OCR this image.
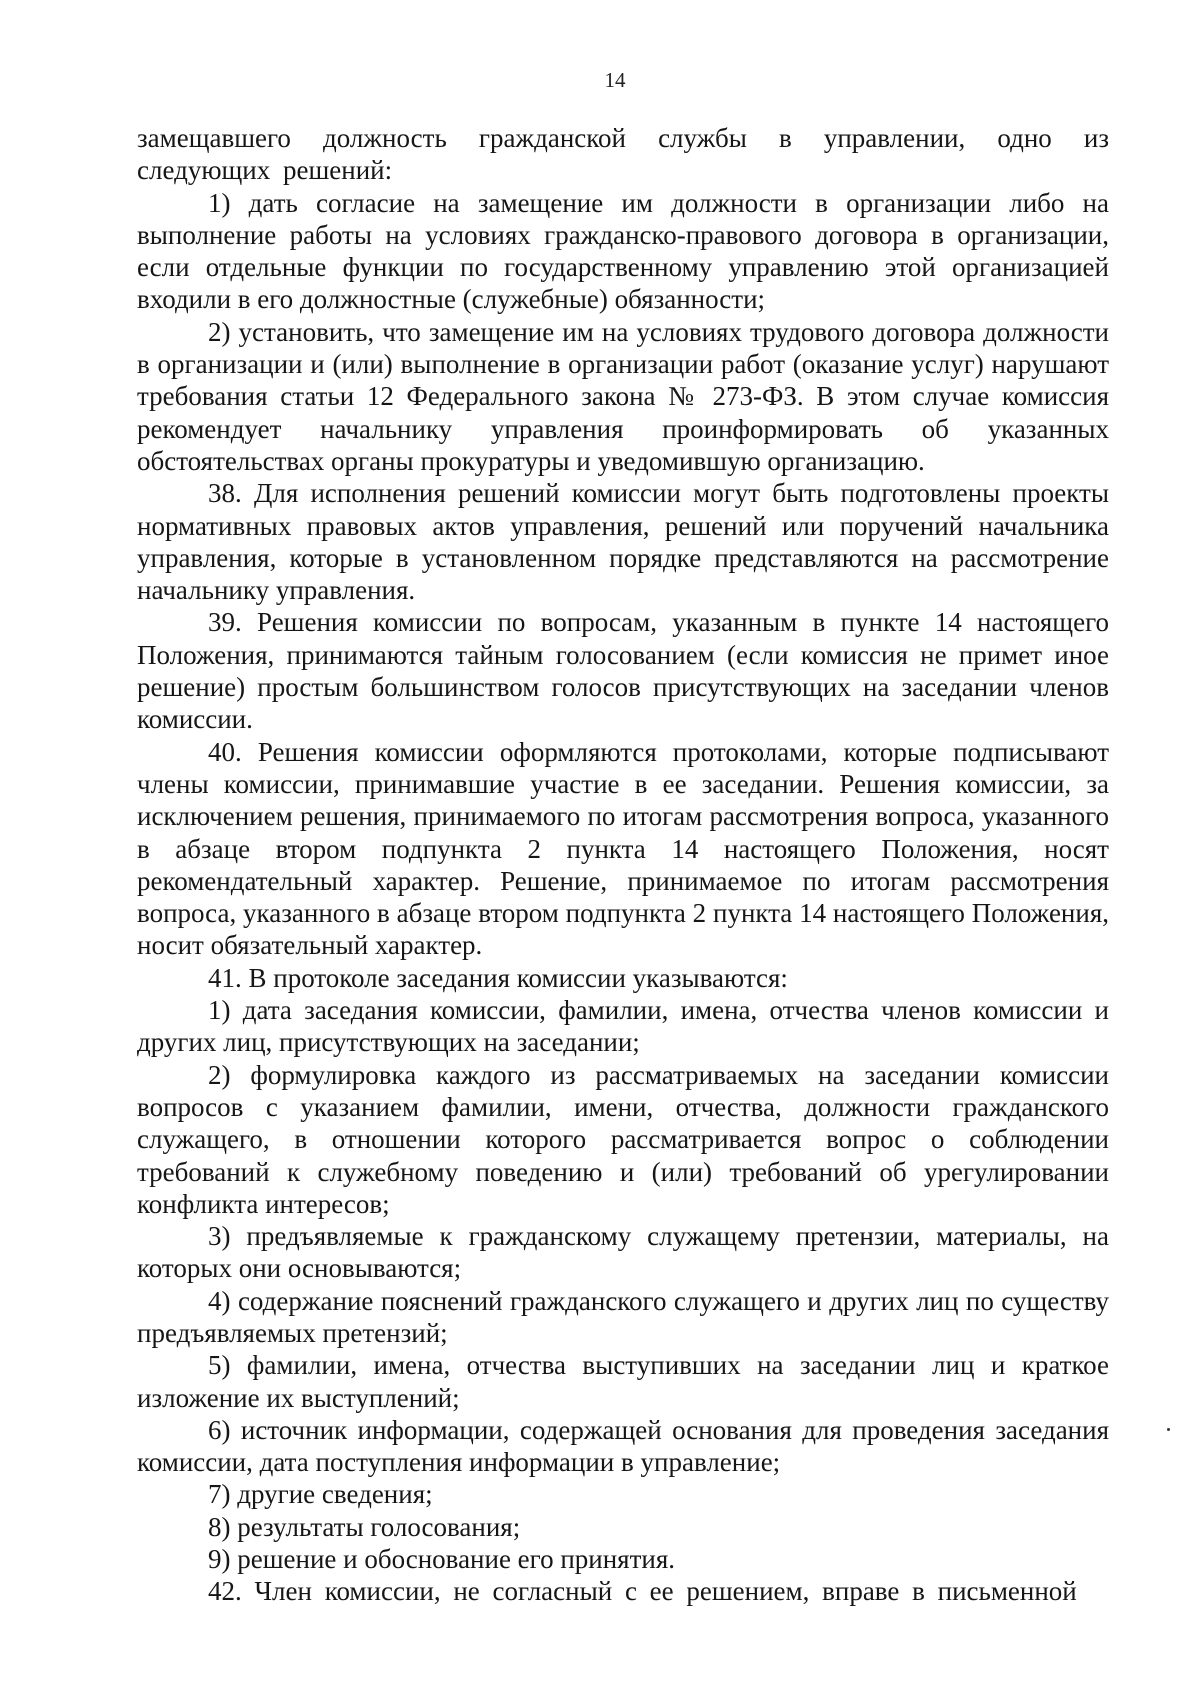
14

замещавшего должность гражданской службы в управлении, одно из следующих решений:

1) дать согласие на замещение им должности в организации либо на выполнение работы на условиях гражданско-правового договора в организации, если отдельные функции по государственному управлению этой организацией входили в его должностные (служебные) обязанности;

2) установить, что замещение им на условиях трудового договора должности в организации и (или) выполнение в организации работ (оказание услуг) нарушают требования статьи 12 Федерального закона № 273-ФЗ. В этом случае комиссия рекомендует начальнику управления проинформировать об указанных обстоятельствах органы прокуратуры и уведомившую организацию.

38. Для исполнения решений комиссии могут быть подготовлены проекты нормативных правовых актов управления, решений или поручений начальника управления, которые в установленном порядке представляются на рассмотрение начальнику управления.

39. Решения комиссии по вопросам, указанным в пункте 14 настоящего Положения, принимаются тайным голосованием (если комиссия не примет иное решение) простым большинством голосов присутствующих на заседании членов комиссии.

40. Решения комиссии оформляются протоколами, которые подписывают члены комиссии, принимавшие участие в ее заседании. Решения комиссии, за исключением решения, принимаемого по итогам рассмотрения вопроса, указанного в абзаце втором подпункта 2 пункта 14 настоящего Положения, носят рекомендательный характер. Решение, принимаемое по итогам рассмотрения вопроса, указанного в абзаце втором подпункта 2 пункта 14 настоящего Положения, носит обязательный характер.

41. В протоколе заседания комиссии указываются:

1) дата заседания комиссии, фамилии, имена, отчества членов комиссии и других лиц, присутствующих на заседании;

2) формулировка каждого из рассматриваемых на заседании комиссии вопросов с указанием фамилии, имени, отчества, должности гражданского служащего, в отношении которого рассматривается вопрос о соблюдении требований к служебному поведению и (или) требований об урегулировании конфликта интересов;

3) предъявляемые к гражданскому служащему претензии, материалы, на которых они основываются;

4) содержание пояснений гражданского служащего и других лиц по существу предъявляемых претензий;

5) фамилии, имена, отчества выступивших на заседании лиц и краткое изложение их выступлений;

6) источник информации, содержащей основания для проведения заседания комиссии, дата поступления информации в управление;

7) другие сведения;

8) результаты голосования;

9) решение и обоснование его принятия.

42. Член комиссии, не согласный с ее решением, вправе в письменной
